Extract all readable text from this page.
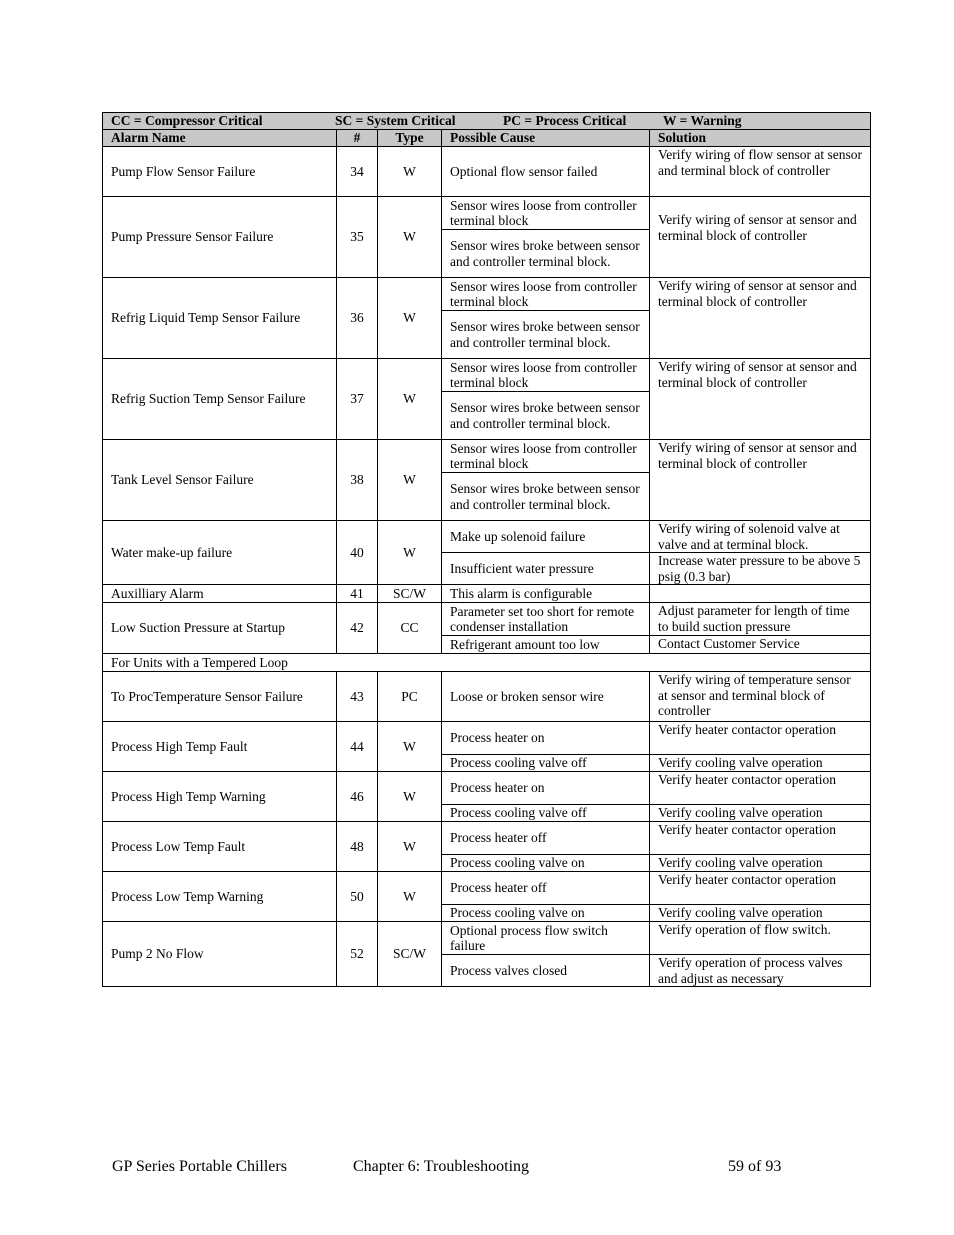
CC = Compressor Critical SC = System Critical PC = Process Critical W = Warning				

Alarm Name	#	Type	Possible Cause	Solution
Pump Flow Sensor Failure	34	W	Optional flow sensor failed	Verify wiring of flow sensor at sensor and terminal block of controller
Pump Pressure Sensor Failure	35	W	Sensor wires loose from controller terminal block	Verify wiring of sensor at sensor and terminal block of controller
			Sensor wires broke between sensor and controller terminal block.	
Refrig Liquid Temp Sensor Failure	36	W	Sensor wires loose from controller terminal block	Verify wiring of sensor at sensor and terminal block of controller
			Sensor wires broke between sensor and controller terminal block.	
Refrig Suction Temp Sensor Failure	37	W	Sensor wires loose from controller terminal block	Verify wiring of sensor at sensor and terminal block of controller
			Sensor wires broke between sensor and controller terminal block.	
Tank Level Sensor Failure	38	W	Sensor wires loose from controller terminal block	Verify wiring of sensor at sensor and terminal block of controller
			Sensor wires broke between sensor and controller terminal block.	
Water make-up failure	40	W	Make up solenoid failure	Verify wiring of solenoid valve at valve and at terminal block.
			Insufficient water pressure	Increase water pressure to be above 5 psig (0.3 bar)
Auxilliary Alarm	41	SC/W	This alarm is configurable	
Low Suction Pressure at Startup	42	CC	Parameter set too short for remote condenser installation	Adjust parameter for length of time to build suction pressure
			Refrigerant amount too low	Contact Customer Service
For Units with a Tempered Loop				
To ProcTemperature Sensor Failure	43	PC	Loose or broken sensor wire	Verify wiring of temperature sensor at sensor and terminal block of controller
Process High Temp Fault	44	W	Process heater on	Verify heater contactor operation
			Process cooling valve off	Verify cooling valve operation
Process High Temp Warning	46	W	Process heater on	Verify heater contactor operation
			Process cooling valve off	Verify cooling valve operation
Process Low Temp Fault	48	W	Process heater off	Verify heater contactor operation
			Process cooling valve on	Verify cooling valve operation
Process Low Temp Warning	50	W	Process heater off	Verify heater contactor operation
			Process cooling valve on	Verify cooling valve operation
Pump 2 No Flow	52	SC/W	Optional process flow switch failure	Verify operation of flow switch.
			Process valves closed	Verify operation of process valves and adjust as necessary
GP Series Portable Chillers	Chapter 6: Troubleshooting	59 of 93
